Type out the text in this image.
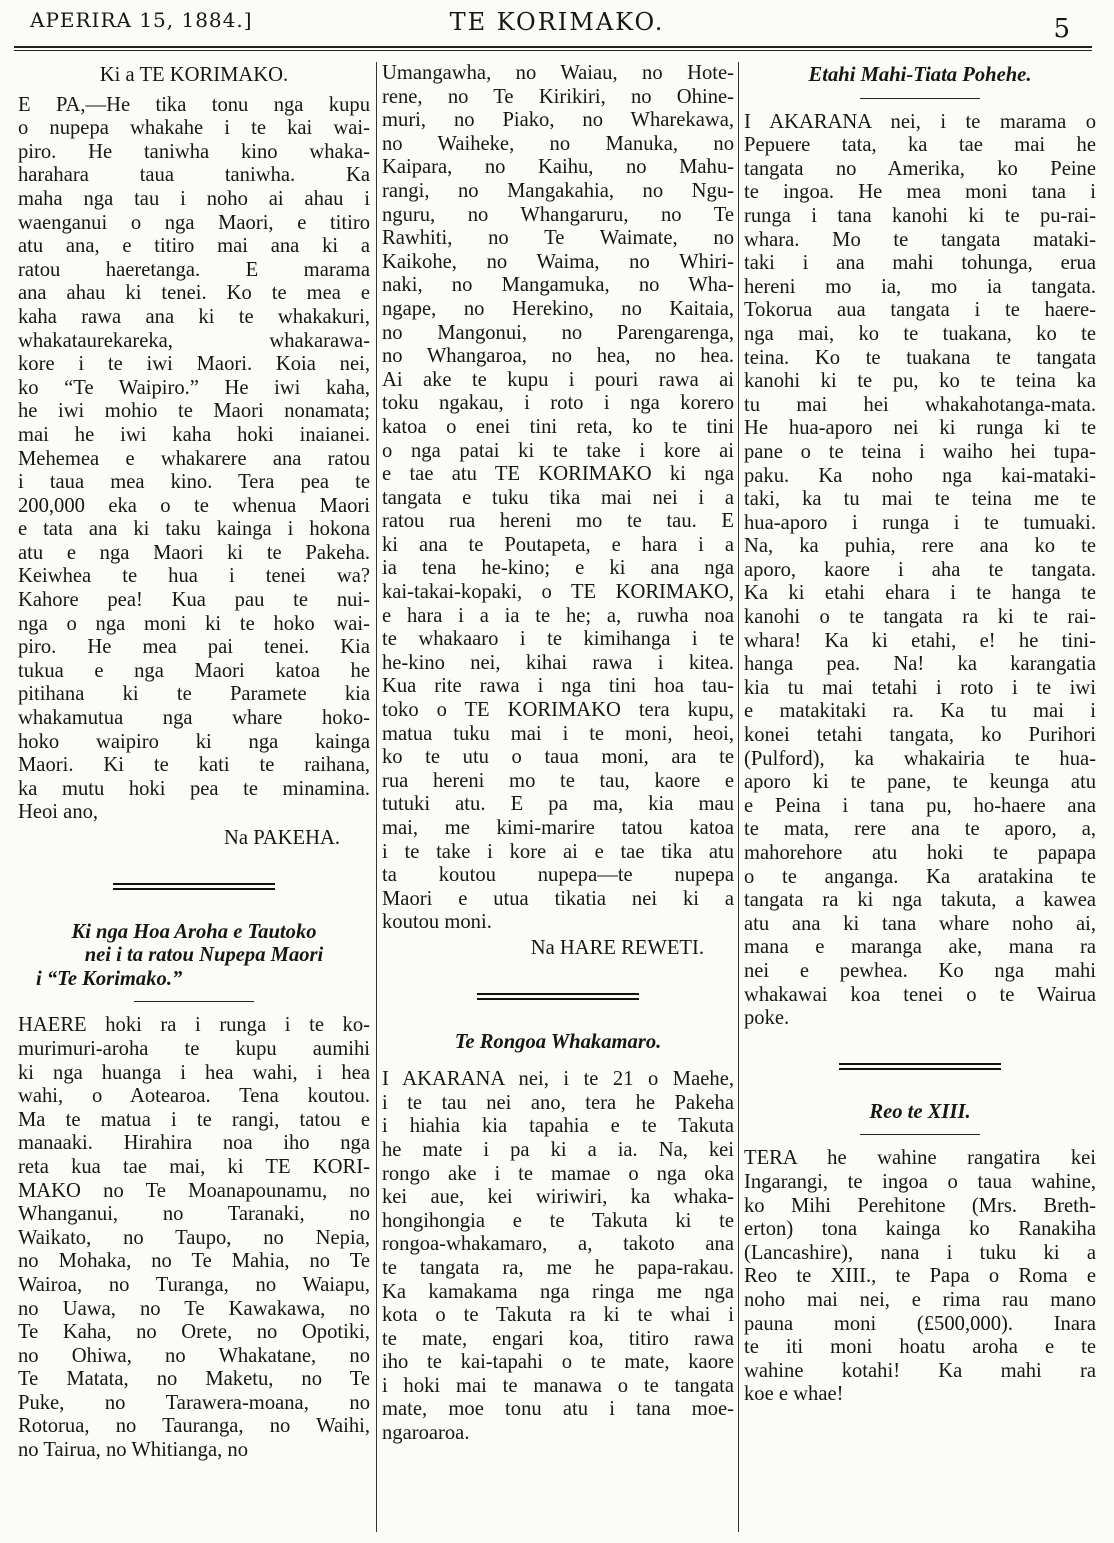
APERIRA 15, 1884.]	TE KORIMAKO.	5
Ki a TE KORIMAKO.
E PA,—He tika tonu nga kupu
o nupepa whakahe i te kai wai-
piro. He taniwha kino whaka-
harahara taua taniwha. Ka
maha nga tau i noho ai ahau i
waenganui o nga Maori, e titiro
atu ana, e titiro mai ana ki a
ratou haeretanga. E marama
ana ahau ki tenei. Ko te mea e
kaha rawa ana ki te whakakuri,
whakataurekareka, whakarawa-
kore i te iwi Maori. Koia nei,
ko “Te Waipiro.” He iwi kaha,
he iwi mohio te Maori nonamata;
mai he iwi kaha hoki inaianei.
Mehemea e whakarere ana ratou
i taua mea kino. Tera pea te
200,000 eka o te whenua Maori
e tata ana ki taku kainga i hokona
atu e nga Maori ki te Pakeha.
Keiwhea te hua i tenei wa?
Kahore pea! Kua pau te nui-
nga o nga moni ki te hoko wai-
piro. He mea pai tenei. Kia
tukua e nga Maori katoa he
pitihana ki te Paramete kia
whakamutua nga whare hoko-
hoko waipiro ki nga kainga
Maori. Ki te kati te raihana,
ka mutu hoki pea te minamina.
Heoi ano,
Na PAKEHA.
Ki nga Hoa Aroha e Tautoko
nei i ta ratou Nupepa Maori
i “Te Korimako.”
HAERE hoki ra i runga i te ko-
murimuri-aroha te kupu aumihi
ki nga huanga i hea wahi, i hea
wahi, o Aotearoa. Tena koutou.
Ma te matua i te rangi, tatou e
manaaki. Hirahira noa iho nga
reta kua tae mai, ki TE KORI-
MAKO no Te Moanapounamu, no
Whanganui, no Taranaki, no
Waikato, no Taupo, no Nepia,
no Mohaka, no Te Mahia, no Te
Wairoa, no Turanga, no Waiapu,
no Uawa, no Te Kawakawa, no
Te Kaha, no Orete, no Opotiki,
no Ohiwa, no Whakatane, no
Te Matata, no Maketu, no Te
Puke, no Tarawera-moana, no
Rotorua, no Tauranga, no Waihi,
no Tairua, no Whitianga, no
Umangawha, no Waiau, no Hote-
rene, no Te Kirikiri, no Ohine-
muri, no Piako, no Wharekawa,
no Waiheke, no Manuka, no
Kaipara, no Kaihu, no Mahu-
rangi, no Mangakahia, no Ngu-
nguru, no Whangaruru, no Te
Rawhiti, no Te Waimate, no
Kaikohe, no Waima, no Whiri-
naki, no Mangamuka, no Wha-
ngape, no Herekino, no Kaitaia,
no Mangonui, no Parengarenga,
no Whangaroa, no hea, no hea.
Ai ake te kupu i pouri rawa ai
toku ngakau, i roto i nga korero
katoa o enei tini reta, ko te tini
o nga patai ki te take i kore ai
e tae atu TE KORIMAKO ki nga
tangata e tuku tika mai nei i a
ratou rua hereni mo te tau. E
ki ana te Poutapeta, e hara i a
ia tena he-kino; e ki ana nga
kai-takai-kopaki, o TE KORIMAKO,
e hara i a ia te he; a, ruwha noa
te whakaaro i te kimihanga i te
he-kino nei, kihai rawa i kitea.
Kua rite rawa i nga tini hoa tau-
toko o TE KORIMAKO tera kupu,
matua tuku mai i te moni, heoi,
ko te utu o taua moni, ara te
rua hereni mo te tau, kaore e
tutuki atu. E pa ma, kia mau
mai, me kimi-marire tatou katoa
i te take i kore ai e tae tika atu
ta koutou nupepa—te nupepa
Maori e utua tikatia nei ki a
koutou moni.
Na HARE REWETI.
Te Rongoa Whakamaro.
I AKARANA nei, i te 21 o Maehe,
i te tau nei ano, tera he Pakeha
i hiahia kia tapahia e te Takuta
he mate i pa ki a ia. Na, kei
rongo ake i te mamae o nga oka
kei aue, kei wiriwiri, ka whaka-
hongihongia e te Takuta ki te
rongoa-whakamaro, a, takoto ana
te tangata ra, me he papa-rakau.
Ka kamakama nga ringa me nga
kota o te Takuta ra ki te whai i
te mate, engari koa, titiro rawa
iho te kai-tapahi o te mate, kaore
i hoki mai te manawa o te tangata
mate, moe tonu atu i tana moe-
ngaroaroa.
Etahi Mahi-Tiata Pohehe.
I AKARANA nei, i te marama o
Pepuere tata, ka tae mai he
tangata no Amerika, ko Peine
te ingoa. He mea moni tana i
runga i tana kanohi ki te pu-rai-
whara. Mo te tangata mataki-
taki i ana mahi tohunga, erua
hereni mo ia, mo ia tangata.
Tokorua aua tangata i te haere-
nga mai, ko te tuakana, ko te
teina. Ko te tuakana te tangata
kanohi ki te pu, ko te teina ka
tu mai hei whakahotanga-mata.
He hua-aporo nei ki runga ki te
pane o te teina i waiho hei tupa-
paku. Ka noho nga kai-mataki-
taki, ka tu mai te teina me te
hua-aporo i runga i te tumuaki.
Na, ka puhia, rere ana ko te
aporo, kaore i aha te tangata.
Ka ki etahi ehara i te hanga te
kanohi o te tangata ra ki te rai-
whara! Ka ki etahi, e! he tini-
hanga pea. Na! ka karangatia
kia tu mai tetahi i roto i te iwi
e matakitaki ra. Ka tu mai i
konei tetahi tangata, ko Purihori
(Pulford), ka whakairia te hua-
aporo ki te pane, te keunga atu
e Peina i tana pu, ho-haere ana
te mata, rere ana te aporo, a,
mahorehore atu hoki te papapa
o te anganga. Ka aratakina te
tangata ra ki nga takuta, a kawea
atu ana ki tana whare noho ai,
mana e maranga ake, mana ra
nei e pewhea. Ko nga mahi
whakawai koa tenei o te Wairua
poke.
Reo te XIII.
TERA he wahine rangatira kei
Ingarangi, te ingoa o taua wahine,
ko Mihi Perehitone (Mrs. Breth-
erton) tona kainga ko Ranakiha
(Lancashire), nana i tuku ki a
Reo te XIII., te Papa o Roma e
noho mai nei, e rima rau mano
pauna moni (£500,000). Inara
te iti moni hoatu aroha e te
wahine kotahi! Ka mahi ra
koe e whae!
